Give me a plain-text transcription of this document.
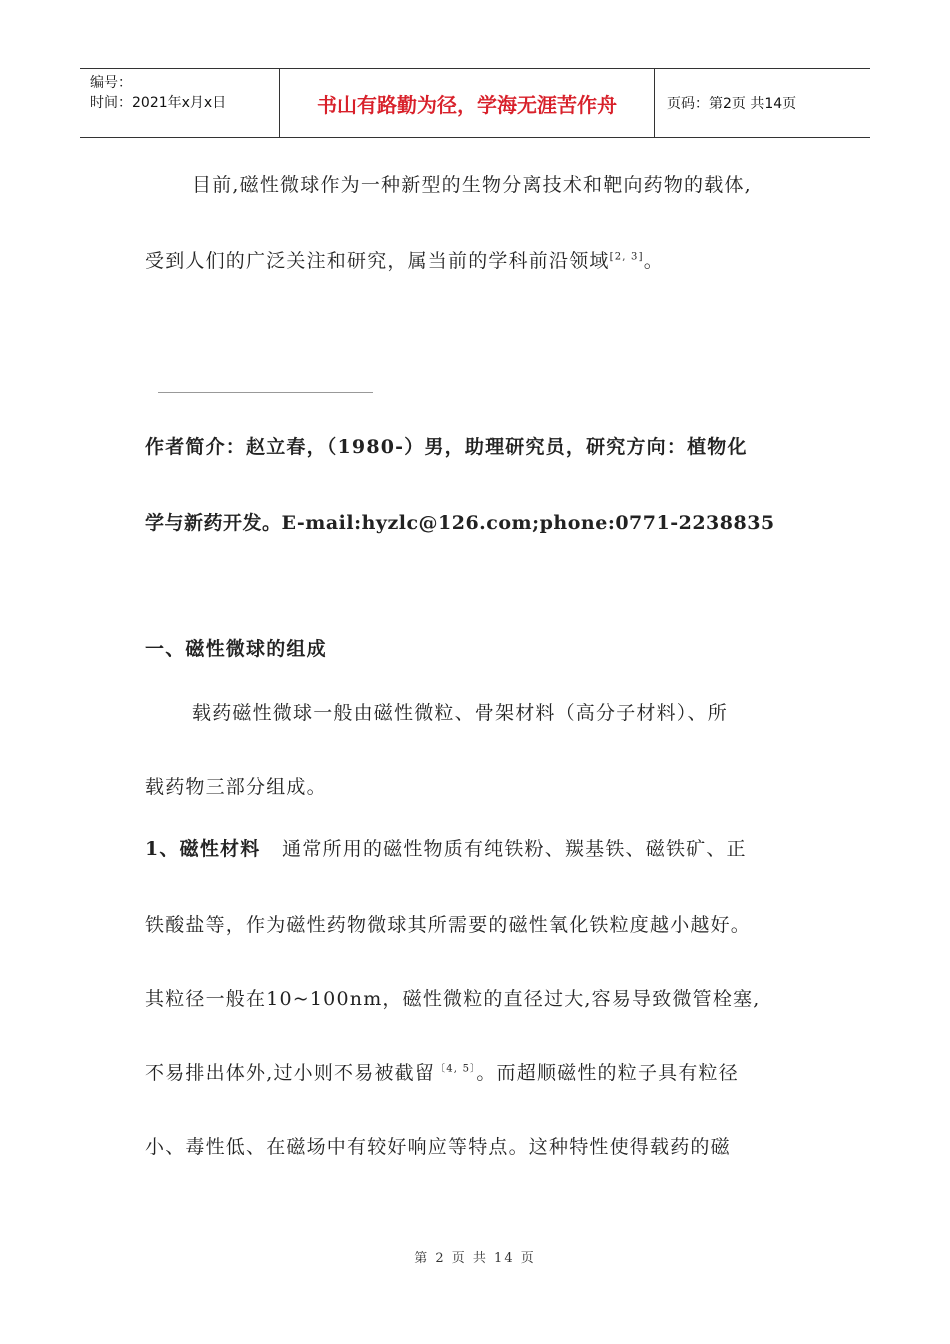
编号：
时间：2021年x月x日	书山有路勤为径，学海无涯苦作舟	页码：第2页 共14页
目前,磁性微球作为一种新型的生物分离技术和靶向药物的载体,
受到人们的广泛关注和研究，属当前的学科前沿领域[2, 3]。
作者简介：赵立春，（1980-）男，助理研究员，研究方向：植物化
学与新药开发。E-mail:hyzlc@126.com;phone:0771-2238835
一、磁性微球的组成
载药磁性微球一般由磁性微粒、骨架材料（高分子材料）、所
载药物三部分组成。
1、磁性材料 通常所用的磁性物质有纯铁粉、羰基铁、磁铁矿、正
铁酸盐等，作为磁性药物微球其所需要的磁性氧化铁粒度越小越好。
其粒径一般在10~100nm，磁性微粒的直径过大,容易导致微管栓塞,
不易排出体外,过小则不易被截留$^{〔4, 5〕}$。而超顺磁性的粒子具有粒径
小、毒性低、在磁场中有较好响应等特点。这种特性使得载药的磁
第 2 页 共 14 页
